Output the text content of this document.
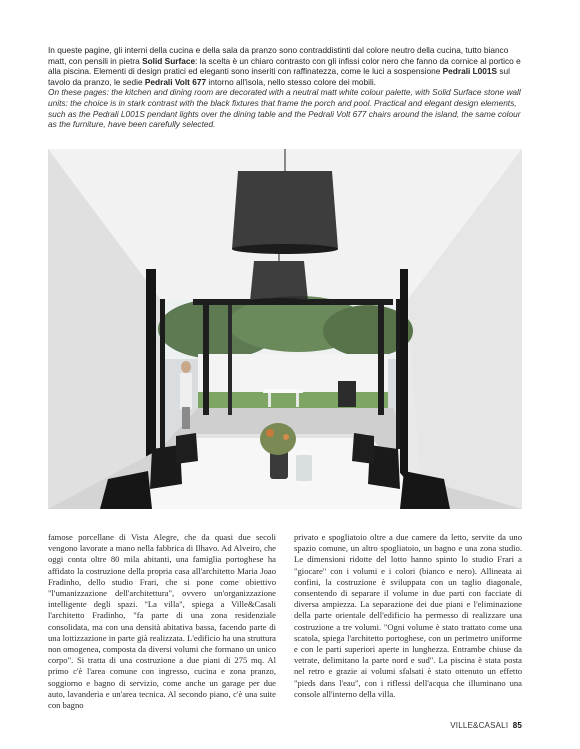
In queste pagine, gli interni della cucina e della sala da pranzo sono contraddistinti dal colore neutro della cucina, tutto bianco matt, con pensili in pietra Solid Surface: la scelta è un chiaro contrasto con gli infissi color nero che fanno da cornice al portico e alla piscina. Elementi di design pratici ed eleganti sono inseriti con raffinatezza, come le luci a sospensione Pedrali L001S sul tavolo da pranzo, le sedie Pedrali Volt 677 intorno all'isola, nello stesso colore dei mobili.

On these pages: the kitchen and dining room are decorated with a neutral matt white colour palette, with Solid Surface stone wall units: the choice is in stark contrast with the black fixtures that frame the porch and pool. Practical and elegant design elements, such as the Pedrali L001S pendant lights over the dining table and the Pedrali Volt 677 chairs around the island, the same colour as the furniture, have been carefully selected.

famose porcellane di Vista Alegre, che da quasi due secoli vengono lavorate a mano nella fabbrica di Ilhavo. Ad Alveiro, che oggi conta oltre 80 mila abitanti, una famiglia portoghese ha affidato la costruzione della propria casa all'architetto Maria Joao Fradinho, dello studio Frari, che si pone come obiettivo "l'umanizzazione dell'architettura", ovvero un'organizzazione intelligente degli spazi. "La villa", spiega a Ville&Casali l'architetto Fradinho, "fa parte di una zona residenziale consolidata, ma con una densità abitativa bassa, facendo parte di una lottizzazione in parte già realizzata. L'edificio ha una struttura non omogenea, composta da diversi volumi che formano un unico corpo". Si tratta di una costruzione a due piani di 275 mq. Al primo c'è l'area comune con ingresso, cucina e zona pranzo, soggiorno e bagno di servizio, come anche un garage per due auto, lavanderia e un'area tecnica. Al secondo piano, c'è una suite con bagno

privato e spogliatoio oltre a due camere da letto, servite da uno spazio comune, un altro spogliatoio, un bagno e una zona studio. Le dimensioni ridotte del lotto hanno spinto lo studio Frari a "giocare" con i volumi e i colori (bianco e nero). Allineata ai confini, la costruzione è sviluppata con un taglio diagonale, consentendo di separare il volume in due parti con facciate di diversa ampiezza. La separazione dei due piani e l'eliminazione della parte orientale dell'edificio ha permesso di realizzare una costruzione a tre volumi. "Ogni volume è stato trattato come una scatola, spiega l'architetto portoghese, con un perimetro uniforme e con le parti superiori aperte in lunghezza. Entrambe chiuse da vetrate, delimitano la parte nord e sud". La piscina è stata posta nel retro e grazie ai volumi sfalsati è stato ottenuto un effetto "pieds dans l'eau", con i riflessi dell'acqua che illuminano una console all'interno della villa.

VILLE&CASALI 85
